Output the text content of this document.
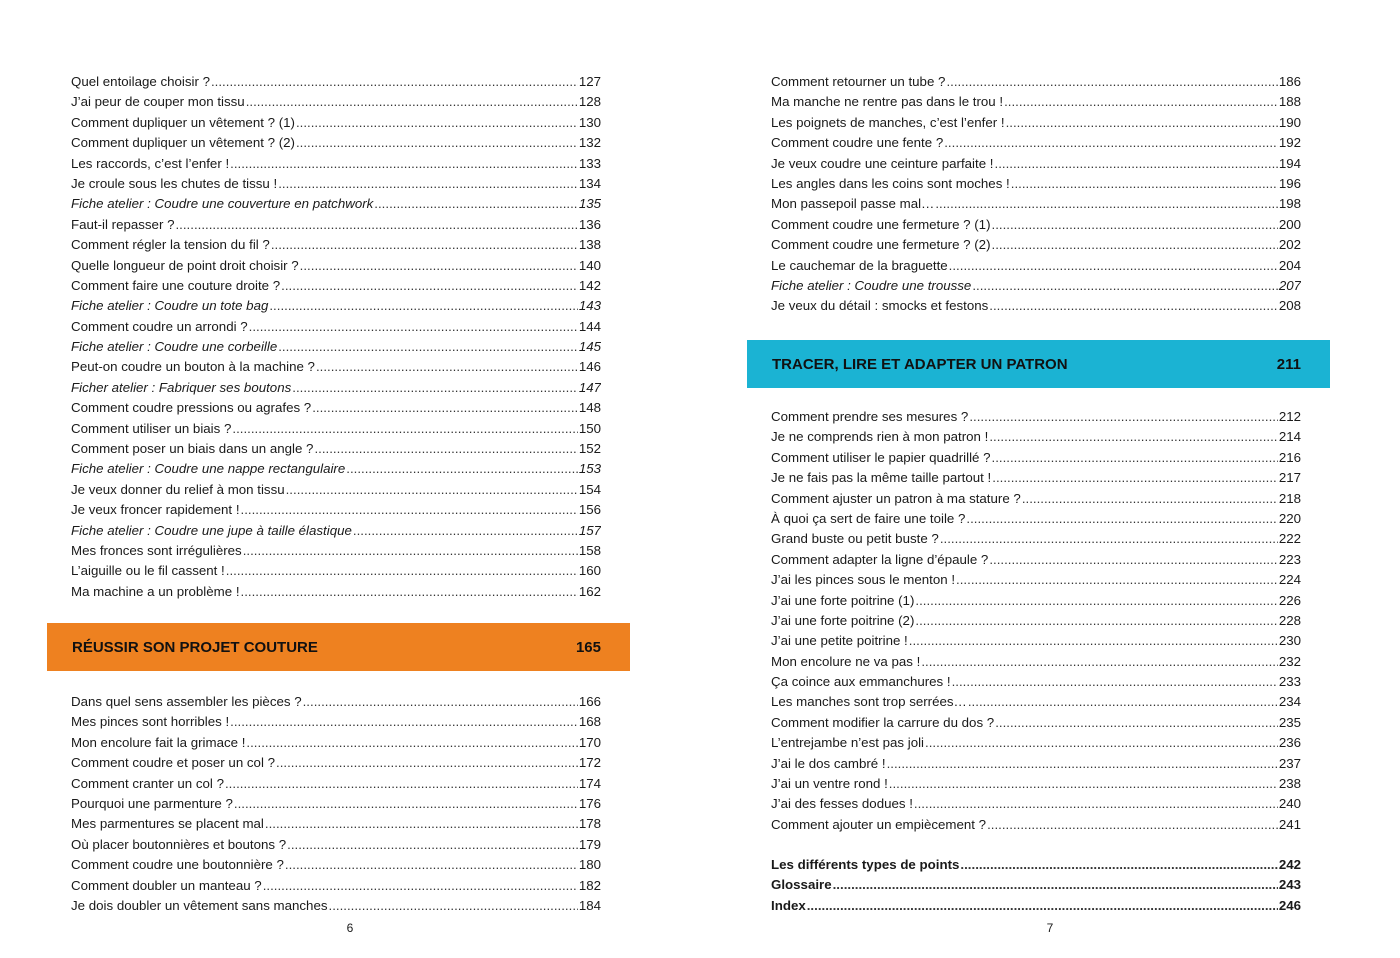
Quel entoilage choisir ? .....	127
J’ai peur de couper mon tissu .....	128
Comment dupliquer un vêtement ? (1) .....	130
Comment dupliquer un vêtement ? (2) .....	132
Les raccords, c’est l’enfer ! .....	133
Je croule sous les chutes de tissu ! .....	134
Fiche atelier : Coudre une couverture en patchwork .....	135
Faut-il repasser ? .....	136
Comment régler la tension du fil ? .....	138
Quelle longueur de point droit choisir ? .....	140
Comment faire une couture droite ? .....	142
Fiche atelier : Coudre un tote bag .....	143
Comment coudre un arrondi ? .....	144
Fiche atelier : Coudre une corbeille .....	145
Peut-on coudre un bouton à la machine ? .....	146
Ficher atelier : Fabriquer ses boutons .....	147
Comment coudre pressions ou agrafes ? .....	148
Comment utiliser un biais ? .....	150
Comment poser un biais dans un angle ? .....	152
Fiche atelier : Coudre une nappe rectangulaire .....	153
Je veux donner du relief à mon tissu .....	154
Je veux froncer rapidement ! .....	156
Fiche atelier : Coudre une jupe à taille élastique .....	157
Mes fronces sont irrégulières .....	158
L’aiguille ou le fil cassent ! .....	160
Ma machine a un problème ! .....	162
RÉUSSIR SON PROJET COUTURE	165
Dans quel sens assembler les pièces ? .....	166
Mes pinces sont horribles ! .....	168
Mon encolure fait la grimace ! .....	170
Comment coudre et poser un col ? .....	172
Comment cranter un col ? .....	174
Pourquoi une parmenture ? .....	176
Mes parmentures se placent mal .....	178
Où placer boutonnières et boutons ? .....	179
Comment coudre une boutonnière ? .....	180
Comment doubler un manteau ? .....	182
Je dois doubler un vêtement sans manches .....	184
6
Comment retourner un tube ? .....	186
Ma manche ne rentre pas dans le trou ! .....	188
Les poignets de manches, c’est l’enfer ! .....	190
Comment coudre une fente ? .....	192
Je veux coudre une ceinture parfaite ! .....	194
Les angles dans les coins sont moches ! .....	196
Mon passepoil passe mal… .....	198
Comment coudre une fermeture ? (1) .....	200
Comment coudre une fermeture ? (2) .....	202
Le cauchemar de la braguette .....	204
Fiche atelier : Coudre une trousse .....	207
Je veux du détail : smocks et festons .....	208
TRACER, LIRE ET ADAPTER UN PATRON	211
Comment prendre ses mesures ? .....	212
Je ne comprends rien à mon patron ! .....	214
Comment utiliser le papier quadrillé ? .....	216
Je ne fais pas la même taille partout ! .....	217
Comment ajuster un patron à ma stature ? .....	218
À quoi ça sert de faire une toile ? .....	220
Grand buste ou petit buste ? .....	222
Comment adapter la ligne d’épaule ? .....	223
J’ai les pinces sous le menton ! .....	224
J’ai une forte poitrine (1) .....	226
J’ai une forte poitrine (2) .....	228
J’ai une petite poitrine ! .....	230
Mon encolure ne va pas ! .....	232
Ça coince aux emmanchures ! .....	233
Les manches sont trop serrées… .....	234
Comment modifier la carrure du dos ? .....	235
L’entrejambe n’est pas joli .....	236
J’ai le dos cambré ! .....	237
J’ai un ventre rond ! .....	238
J’ai des fesses dodues ! .....	240
Comment ajouter un empiècement ? .....	241
Les différents types de points .....	242
Glossaire .....	243
Index .....	246
7
